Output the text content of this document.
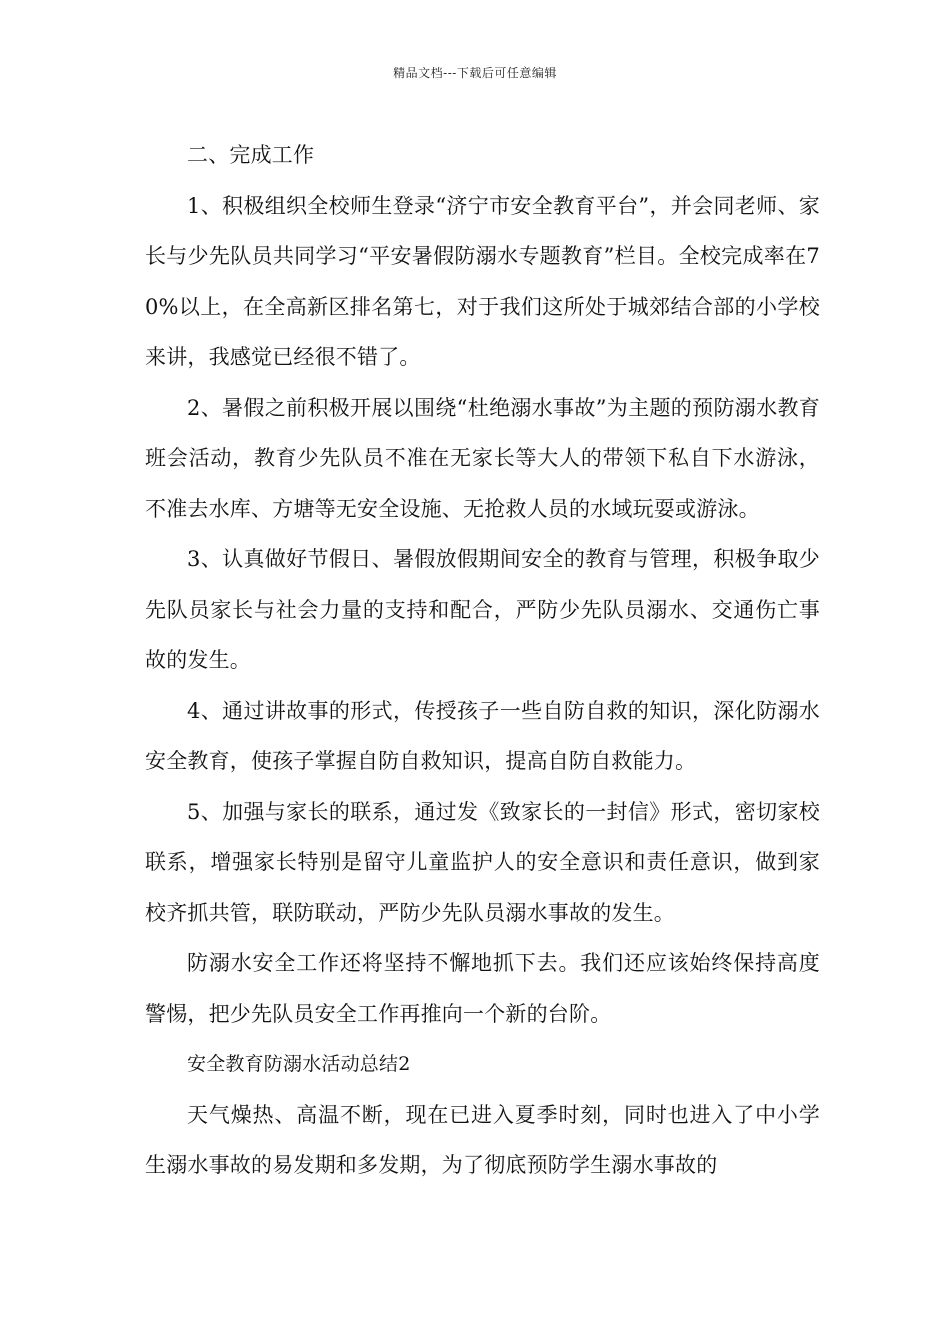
精品文档---下载后可任意编辑

二、完成工作

1、积极组织全校师生登录“济宁市安全教育平台”，并会同老师、家长与少先队员共同学习“平安暑假防溺水专题教育”栏目。全校完成率在70%以上，在全高新区排名第七，对于我们这所处于城郊结合部的小学校来讲，我感觉已经很不错了。

2、暑假之前积极开展以围绕“杜绝溺水事故”为主题的预防溺水教育班会活动，教育少先队员不准在无家长等大人的带领下私自下水游泳，不准去水库、方塘等无安全设施、无抢救人员的水域玩耍或游泳。

3、认真做好节假日、暑假放假期间安全的教育与管理，积极争取少先队员家长与社会力量的支持和配合，严防少先队员溺水、交通伤亡事故的发生。

4、通过讲故事的形式，传授孩子一些自防自救的知识，深化防溺水安全教育，使孩子掌握自防自救知识，提高自防自救能力。

5、加强与家长的联系，通过发《致家长的一封信》形式，密切家校联系，增强家长特别是留守儿童监护人的安全意识和责任意识，做到家校齐抓共管，联防联动，严防少先队员溺水事故的发生。

防溺水安全工作还将坚持不懈地抓下去。我们还应该始终保持高度警惕，把少先队员安全工作再推向一个新的台阶。

安全教育防溺水活动总结2

天气燥热、高温不断，现在已进入夏季时刻，同时也进入了中小学生溺水事故的易发期和多发期，为了彻底预防学生溺水事故的
